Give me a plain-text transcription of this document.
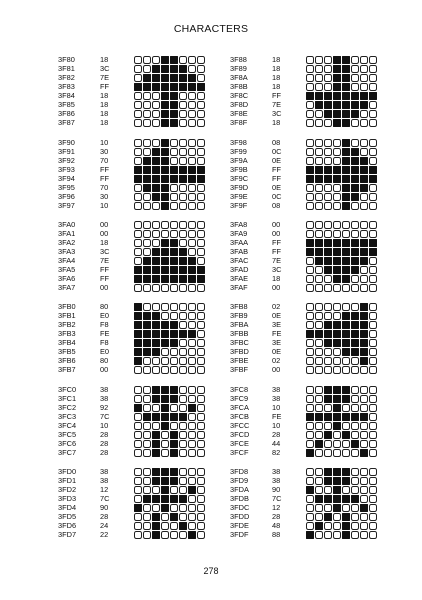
CHARACTERS
3F80
3F81
3F82
3F83
3F84
3F85
3F86
3F87
18
3C
7E
FF
18
18
18
18
3F90
3F91
3F92
3F93
3F94
3F95
3F96
3F97
10
30
70
FF
FF
70
30
10
3FA0
3FA1
3FA2
3FA3
3FA4
3FA5
3FA6
3FA7
00
00
18
3C
7E
FF
FF
00
3FB0
3FB1
3FB2
3FB3
3FB4
3FB5
3FB6
3FB7
80
E0
F8
FE
F8
E0
80
00
3FC0
3FC1
3FC2
3FC3
3FC4
3FC5
3FC6
3FC7
38
38
92
7C
10
28
28
28
3FD0
3FD1
3FD2
3FD3
3FD4
3FD5
3FD6
3FD7
38
38
12
7C
90
28
24
22
3F88
3F89
3F8A
3F8B
3F8C
3F8D
3F8E
3F8F
18
18
18
18
FF
7E
3C
18
3F98
3F99
3F9A
3F9B
3F9C
3F9D
3F9E
3F9F
08
0C
0E
FF
FF
0E
0C
08
3FA8
3FA9
3FAA
3FAB
3FAC
3FAD
3FAE
3FAF
00
00
FF
FF
7E
3C
18
00
3FB8
3FB9
3FBA
3FBB
3FBC
3FBD
3FBE
3FBF
02
0E
3E
FE
3E
0E
02
00
3FC8
3FC9
3FCA
3FCB
3FCC
3FCD
3FCE
3FCF
38
38
10
FE
10
28
44
82
3FD8
3FD9
3FDA
3FDB
3FDC
3FDD
3FDE
3FDF
38
38
90
7C
12
28
48
88
278
